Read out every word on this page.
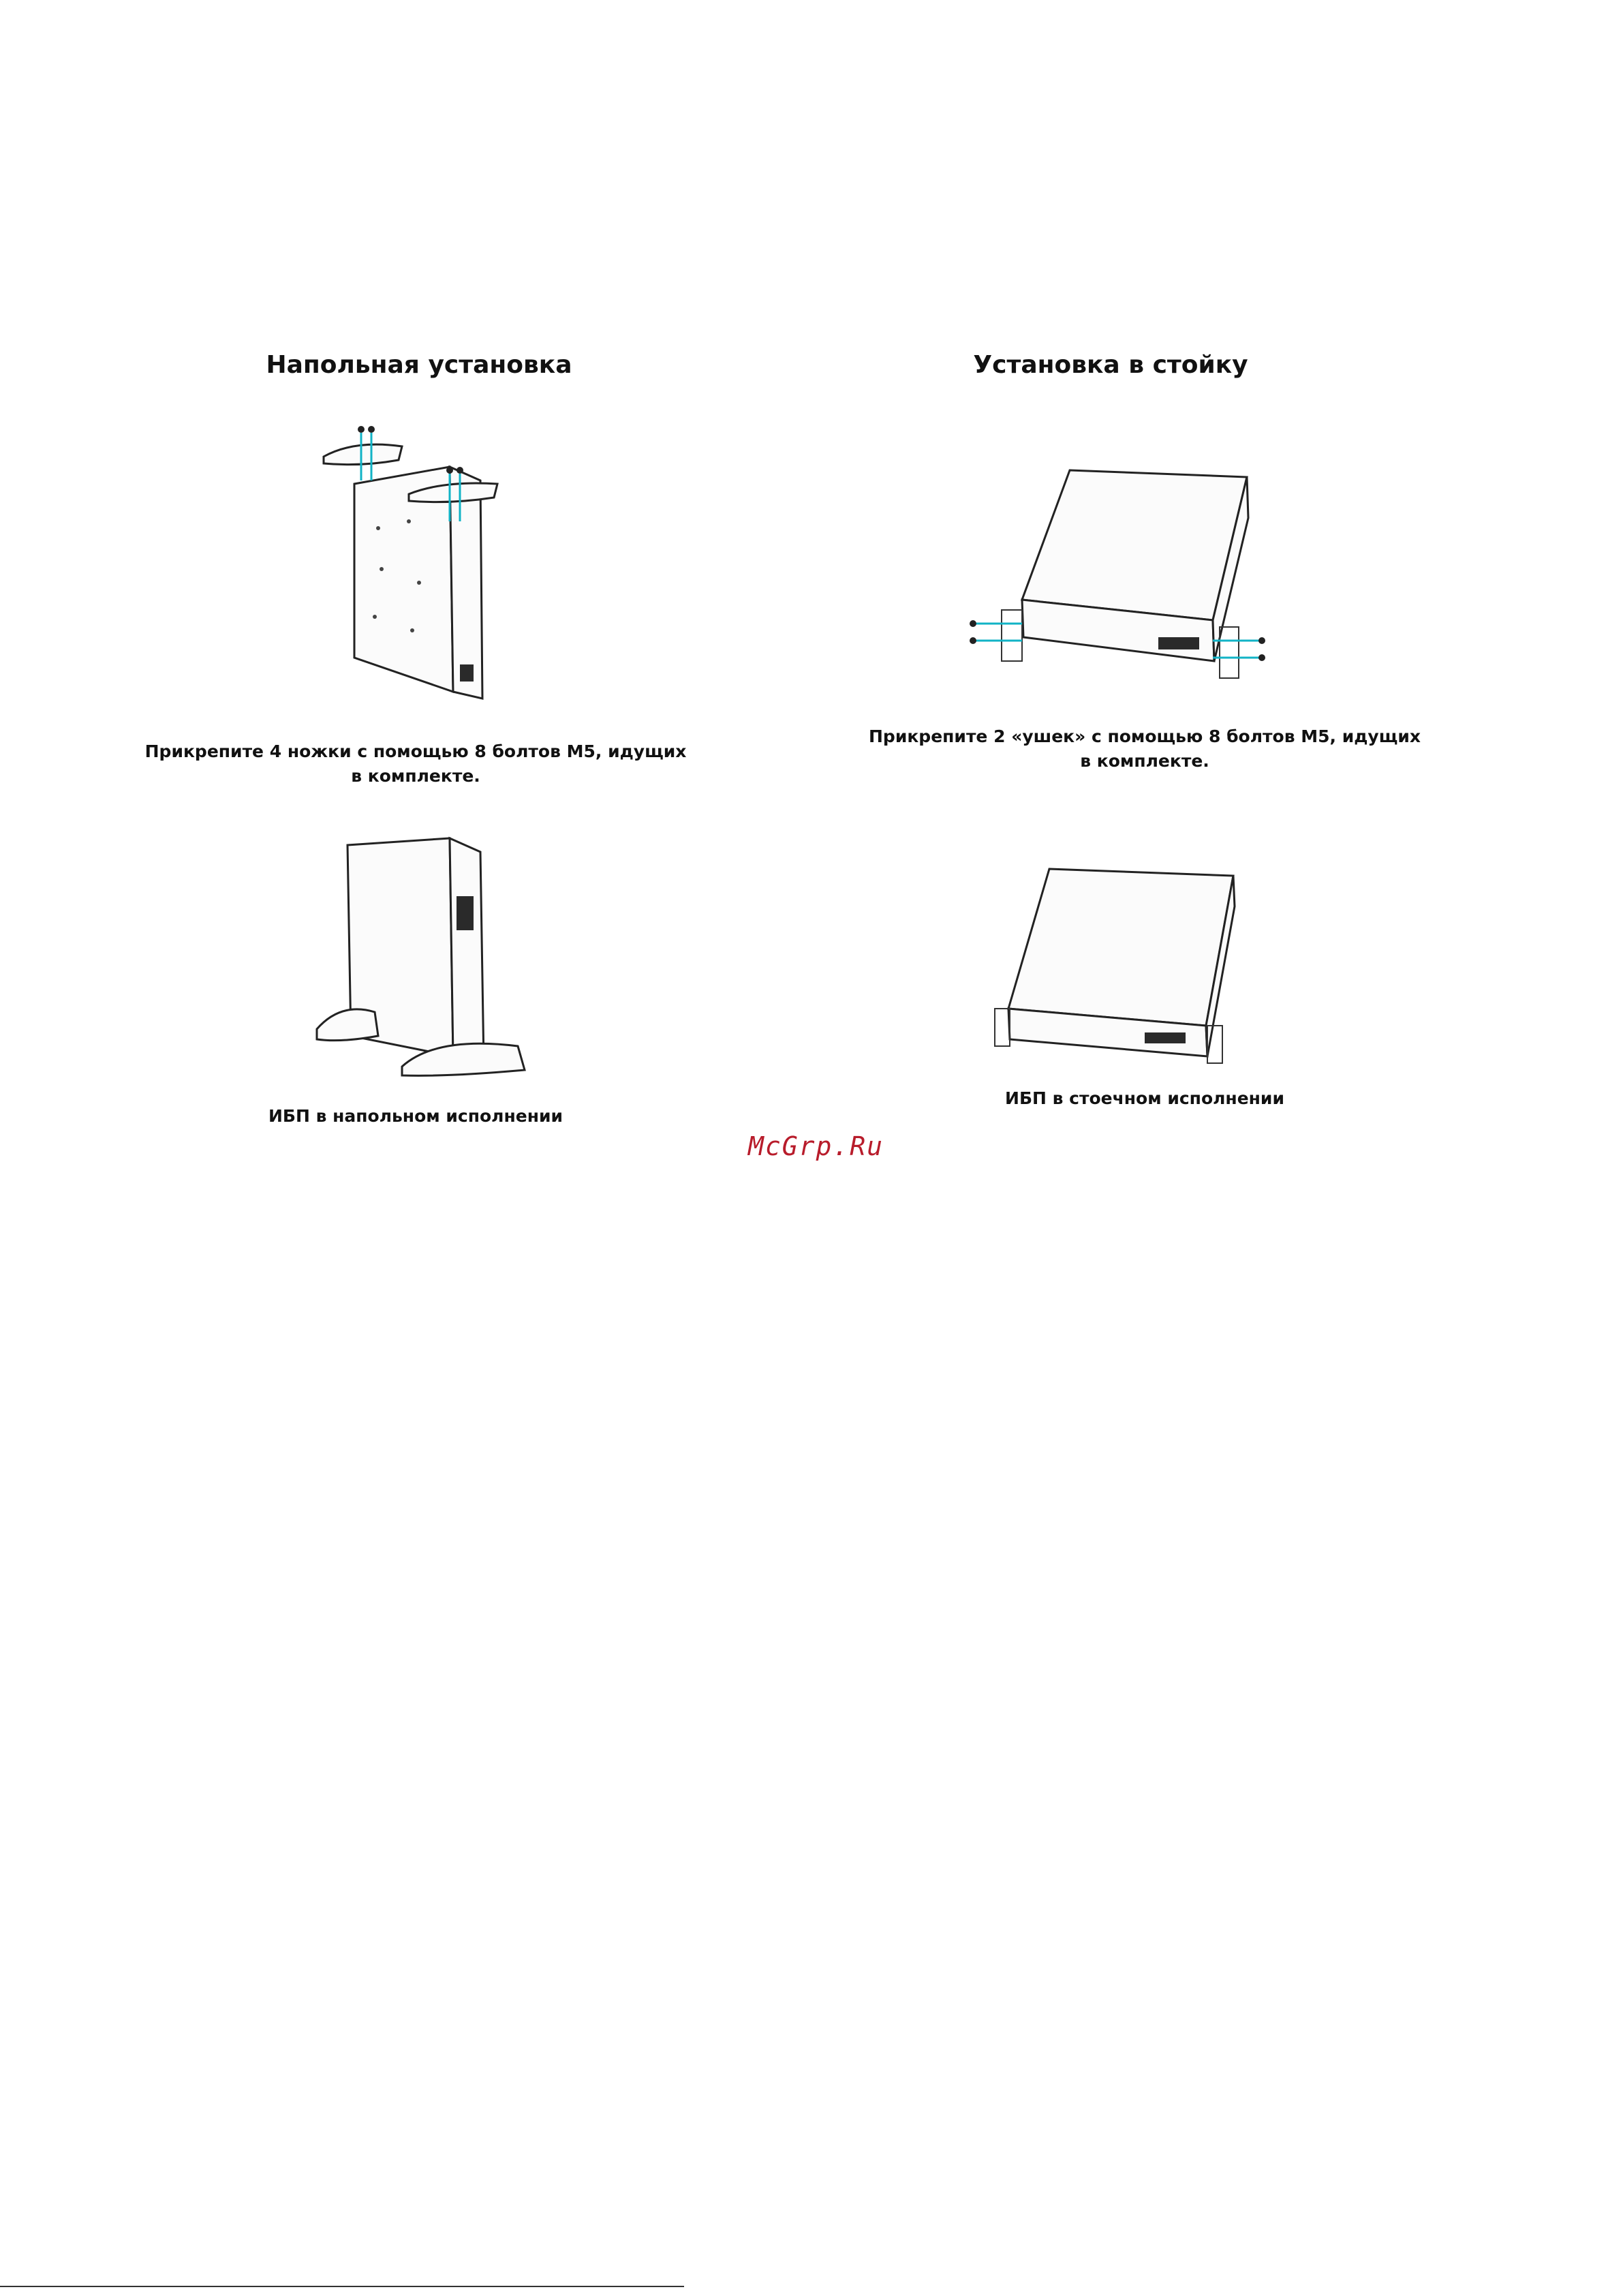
Напольная установка
Прикрепите 4 ножки с помощью 8 болтов M5, идущих в комплекте.
ИБП в напольном исполнении
Установка в стойку
Прикрепите 2 «ушек» с помощью 8 болтов M5, идущих в комплекте.
ИБП в стоечном исполнении
McGrp.Ru
